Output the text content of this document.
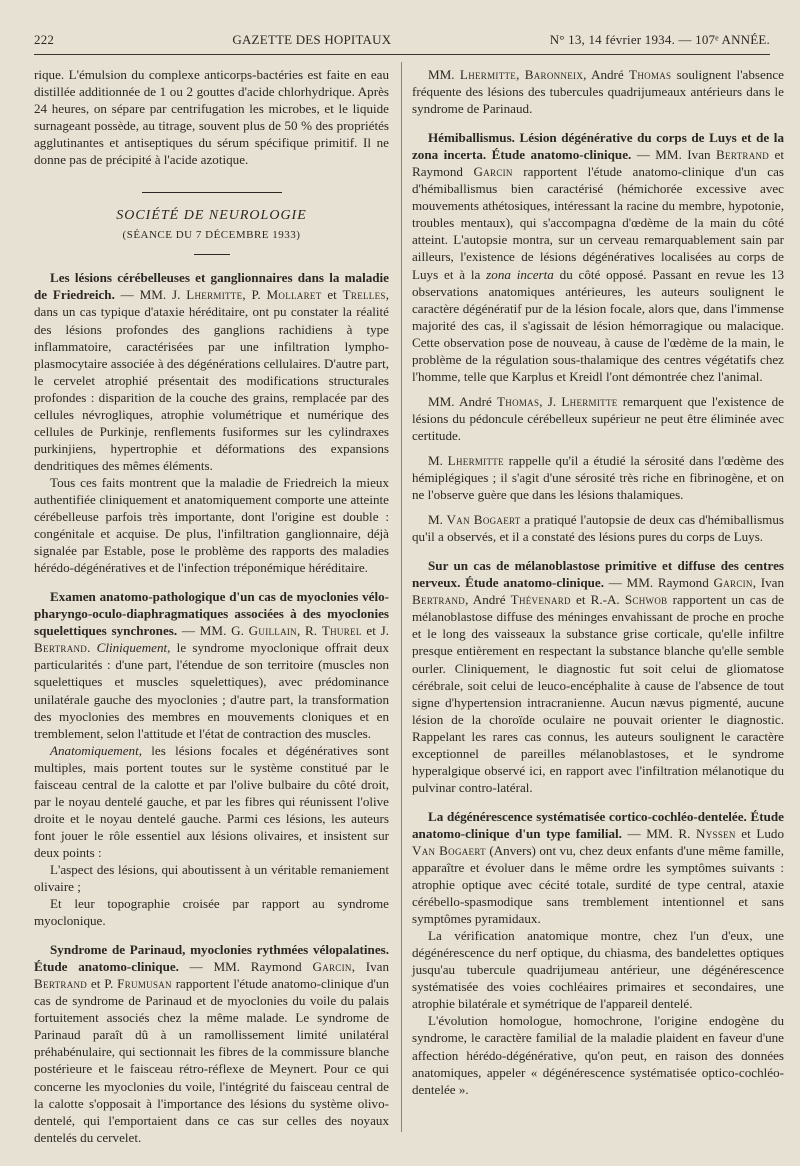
222	GAZETTE DES HOPITAUX	N° 13, 14 février 1934. — 107ᵉ ANNÉE.

rique. L'émulsion du complexe anticorps-bactéries est faite en eau distillée additionnée de 1 ou 2 gouttes d'acide chlorhydrique. Après 24 heures, on sépare par centrifugation les microbes, et le liquide surnageant possède, au titrage, souvent plus de 50 % des propriétés agglutinantes et antiseptiques du sérum spécifique primitif. Il ne donne pas de précipité à l'acide azotique.

SOCIÉTÉ DE NEUROLOGIE
(SÉANCE DU 7 DÉCEMBRE 1933)

Les lésions cérébelleuses et ganglionnaires dans la maladie de Friedreich. — MM. J. Lhermitte, P. Mollaret et Trelles, dans un cas typique d'ataxie héréditaire, ont pu constater la réalité des lésions profondes des ganglions rachidiens à type inflammatoire, caractérisées par une infiltration lympho-plasmocytaire associée à des dégénérations cellulaires. D'autre part, le cervelet atrophié présentait des modifications structurales profondes : disparition de la couche des grains, remplacée par des cellules névrogliques, atrophie volumétrique et numérique des cellules de Purkinje, renflements fusiformes sur les cylindraxes purkinjiens, hypertrophie et déformations des expansions dendritiques des mêmes éléments.

Tous ces faits montrent que la maladie de Friedreich la mieux authentifiée cliniquement et anatomiquement comporte une atteinte cérébelleuse parfois très importante, dont l'origine est double : congénitale et acquise. De plus, l'infiltration ganglionnaire, déjà signalée par Estable, pose le problème des rapports des maladies hérédo-dégénératives et de l'infection tréponémique héréditaire.

Examen anatomo-pathologique d'un cas de myoclonies vélo-pharyngo-oculo-diaphragmatiques associées à des myoclonies squelettiques synchrones. — MM. G. Guillain, R. Thurel et J. Bertrand. Cliniquement, le syndrome myoclonique offrait deux particularités : d'une part, l'étendue de son territoire (muscles non squelettiques et muscles squelettiques), avec prédominance unilatérale gauche des myoclonies ; d'autre part, la transformation des myoclonies des membres en mouvements cloniques et en tremblement, selon l'attitude et l'état de contraction des muscles.

Anatomiquement, les lésions focales et dégénératives sont multiples, mais portent toutes sur le système constitué par le faisceau central de la calotte et par l'olive bulbaire du côté droit, par le noyau dentelé gauche, et par les fibres qui réunissent l'olive droite et le noyau dentelé gauche. Parmi ces lésions, les auteurs font jouer le rôle essentiel aux lésions olivaires, et insistent sur deux points :

L'aspect des lésions, qui aboutissent à un véritable remaniement olivaire ;

Et leur topographie croisée par rapport au syndrome myoclonique.

Syndrome de Parinaud, myoclonies rythmées vélopalatines. Étude anatomo-clinique. — MM. Raymond Garcin, Ivan Bertrand et P. Frumusan rapportent l'étude anatomo-clinique d'un cas de syndrome de Parinaud et de myoclonies du voile du palais fortuitement associés chez la même malade. Le syndrome de Parinaud paraît dû à un ramollissement limité unilatéral préhabénulaire, qui sectionnait les fibres de la commissure blanche postérieure et le faisceau rétro-réflexe de Meynert. Pour ce qui concerne les myoclonies du voile, l'intégrité du faisceau central de la calotte s'opposait à l'importance des lésions du système olivo-dentelé, qui l'emportaient dans ce cas sur celles des noyaux dentelés du cervelet.

MM. Lhermitte, Baronneix, André Thomas soulignent l'absence fréquente des lésions des tubercules quadrijumeaux antérieurs dans le syndrome de Parinaud.

Hémiballismus. Lésion dégénérative du corps de Luys et de la zona incerta. Étude anatomo-clinique. — MM. Ivan Bertrand et Raymond Garcin rapportent l'étude anatomo-clinique d'un cas d'hémiballismus bien caractérisé (hémichorée excessive avec mouvements athétosiques, intéressant la racine du membre, hypotonie, troubles mentaux), qui s'accompagna d'œdème de la main du côté atteint. L'autopsie montra, sur un cerveau remarquablement sain par ailleurs, l'existence de lésions dégénératives localisées au corps de Luys et à la zona incerta du côté opposé. Passant en revue les 13 observations anatomiques antérieures, les auteurs soulignent le caractère dégénératif pur de la lésion focale, alors que, dans l'immense majorité des cas, il s'agissait de lésion hémorragique ou malacique. Cette observation pose de nouveau, à cause de l'œdème de la main, le problème de la régulation sous-thalamique des centres végétatifs chez l'homme, telle que Karplus et Kreidl l'ont démontrée chez l'animal.

MM. André Thomas, J. Lhermitte remarquent que l'existence de lésions du pédoncule cérébelleux supérieur ne peut être éliminée avec certitude.

M. Lhermitte rappelle qu'il a étudié la sérosité dans l'œdème des hémiplégiques ; il s'agit d'une sérosité très riche en fibrinogène, et on ne l'observe guère que dans les lésions thalamiques.

M. Van Bogaert a pratiqué l'autopsie de deux cas d'hémiballismus qu'il a observés, et il a constaté des lésions pures du corps de Luys.

Sur un cas de mélanoblastose primitive et diffuse des centres nerveux. Étude anatomo-clinique. — MM. Raymond Garcin, Ivan Bertrand, André Thévenard et R.-A. Schwob rapportent un cas de mélanoblastose diffuse des méninges envahissant de proche en proche et le long des vaisseaux la substance grise corticale, qu'elle infiltre presque entièrement en respectant la substance blanche qu'elle semble ourler. Cliniquement, le diagnostic fut soit celui de gliomatose cérébrale, soit celui de leuco-encéphalite à cause de l'absence de tout signe d'hypertension intracranienne. Aucun nævus pigmenté, aucune lésion de la choroïde oculaire ne pouvait orienter le diagnostic. Rappelant les rares cas connus, les auteurs soulignent le caractère exceptionnel de pareilles mélanoblastoses, et le syndrome hyperalgique observé ici, en rapport avec l'infiltration mélanotique du pulvinar contro-latéral.

La dégénérescence systématisée cortico-cochléo-dentelée. Étude anatomo-clinique d'un type familial. — MM. R. Nyssen et Ludo Van Bogaert (Anvers) ont vu, chez deux enfants d'une même famille, apparaître et évoluer dans le même ordre les symptômes suivants : atrophie optique avec cécité totale, surdité de type central, ataxie cérébello-spasmodique sans tremblement intentionnel et sans symptômes pyramidaux.

La vérification anatomique montre, chez l'un d'eux, une dégénérescence du nerf optique, du chiasma, des bandelettes optiques jusqu'au tubercule quadrijumeau antérieur, une dégénérescence systématisée des voies cochléaires primaires et secondaires, une atrophie bilatérale et symétrique de l'appareil dentelé.

L'évolution homologue, homochrone, l'origine endogène du syndrome, le caractère familial de la maladie plaident en faveur d'une affection hérédo-dégénérative, qu'on peut, en raison des données anatomiques, appeler « dégénérescence systématisée optico-cochléo-dentelée ».
